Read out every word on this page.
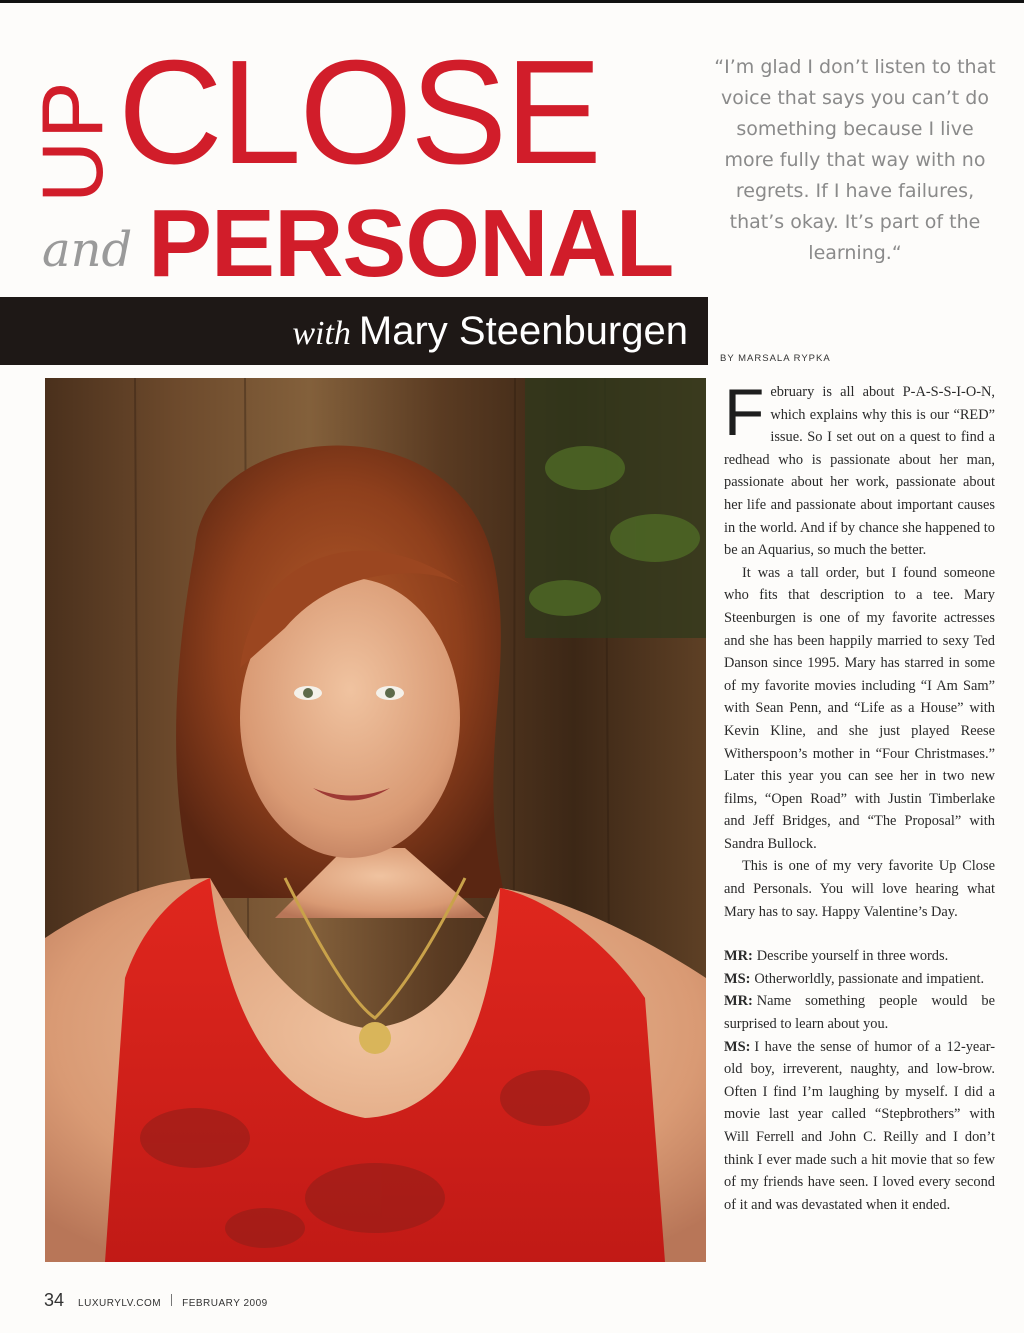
UP
CLOSE
and PERSONAL

“I’m glad I don’t listen to that voice that says you can’t do something because I live more fully that way with no regrets. If I have failures, that’s okay. It’s part of the learning.“

with Mary Steenburgen
BY MARSALA RYPKA

February is all about P-A-S-S-I-O-N, which explains why this is our “RED” issue. So I set out on a quest to find a redhead who is passionate about her man, passionate about her work, passionate about her life and passionate about important causes in the world. And if by chance she happened to be an Aquarius, so much the better.

It was a tall order, but I found someone who fits that description to a tee. Mary Steenburgen is one of my favorite actresses and she has been happily married to sexy Ted Danson since 1995. Mary has starred in some of my favorite movies including “I Am Sam” with Sean Penn, and “Life as a House” with Kevin Kline, and she just played Reese Witherspoon’s mother in “Four Christmases.” Later this year you can see her in two new films, “Open Road” with Justin Timberlake and Jeff Bridges, and “The Proposal” with Sandra Bullock.

This is one of my very favorite Up Close and Personals. You will love hearing what Mary has to say. Happy Valentine’s Day.

MR: Describe yourself in three words.

MS: Otherworldly, passionate and impatient.

MR: Name something people would be surprised to learn about you.

MS: I have the sense of humor of a 12-year-old boy, irreverent, naughty, and low-brow. Often I find I’m laughing by myself. I did a movie last year called “Stepbrothers” with Will Ferrell and John C. Reilly and I don’t think I ever made such a hit movie that so few of my friends have seen. I loved every second of it and was devastated when it ended.

34 LUXURYLV.COM FEBRUARY 2009
